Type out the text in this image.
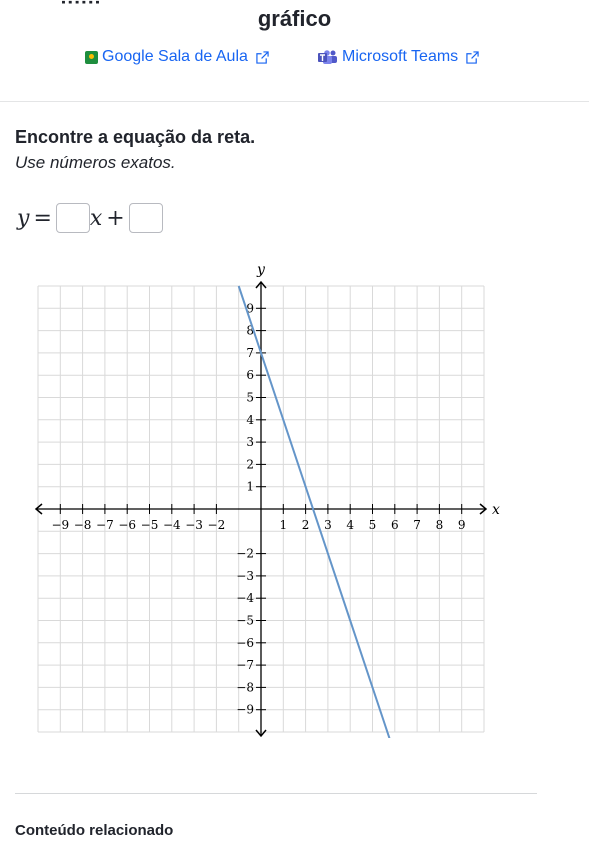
gráfico
Google Sala de Aula	Microsoft Teams
Encontre a equação da reta.
Use números exatos.
y = x +
−9 −8 −7 −6 −5 −4 −3 −2	1 2 3 4 5 6 7 8 9
9
8
7
6
5
4
3
2
1
−2
−3
−4
−5
−6
−7
−8
−9
x
y
Conteúdo relacionado
